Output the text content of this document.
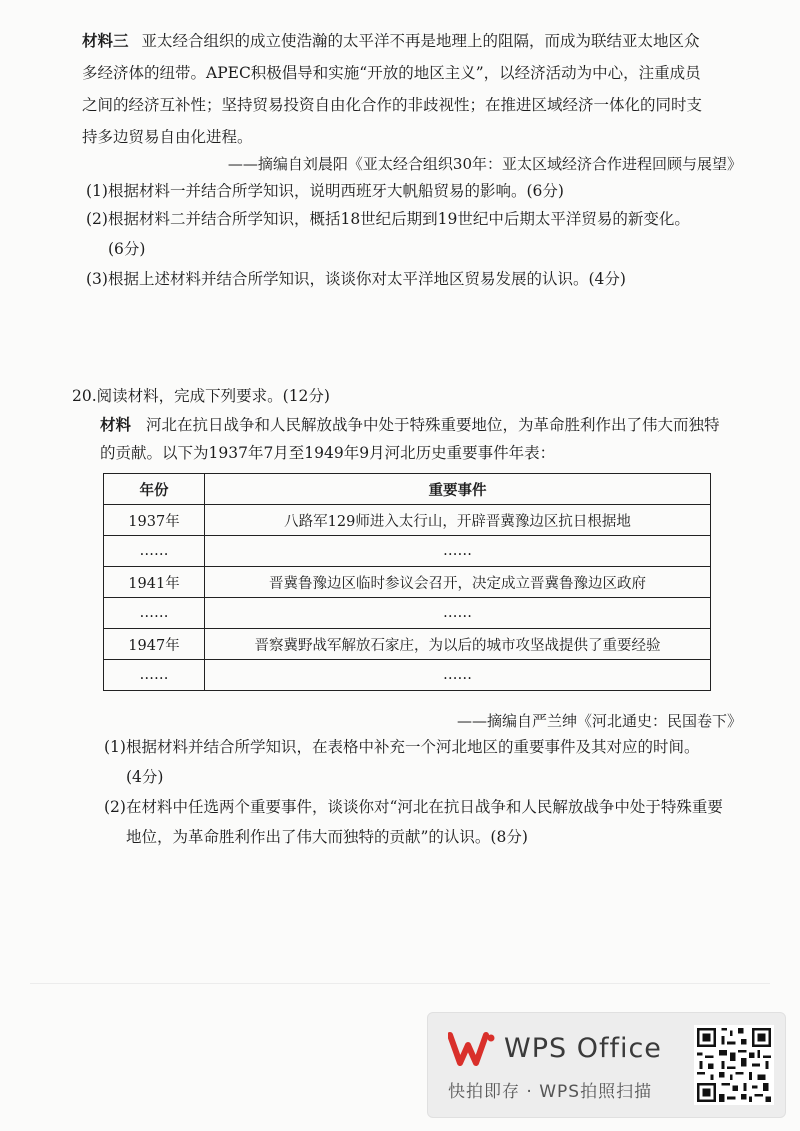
材料三 亚太经合组织的成立使浩瀚的太平洋不再是地理上的阻隔，而成为联结亚太地区众
多经济体的纽带。APEC积极倡导和实施“开放的地区主义”，以经济活动为中心，注重成员
之间的经济互补性；坚持贸易投资自由化合作的非歧视性；在推进区域经济一体化的同时支
持多边贸易自由化进程。
——摘编自刘晨阳《亚太经合组织30年：亚太区域经济合作进程回顾与展望》
(1)根据材料一并结合所学知识，说明西班牙大帆船贸易的影响。(6分)
(2)根据材料二并结合所学知识，概括18世纪后期到19世纪中后期太平洋贸易的新变化。
(6分)
(3)根据上述材料并结合所学知识，谈谈你对太平洋地区贸易发展的认识。(4分)
20.阅读材料，完成下列要求。(12分)
材料 河北在抗日战争和人民解放战争中处于特殊重要地位，为革命胜利作出了伟大而独特
的贡献。以下为1937年7月至1949年9月河北历史重要事件年表：
年份	重要事件
1937年	八路军129师进入太行山，开辟晋冀豫边区抗日根据地
……	……
1941年	晋冀鲁豫边区临时参议会召开，决定成立晋冀鲁豫边区政府
……	……
1947年	晋察冀野战军解放石家庄，为以后的城市攻坚战提供了重要经验
……	……
——摘编自严兰绅《河北通史：民国卷下》
(1)根据材料并结合所学知识，在表格中补充一个河北地区的重要事件及其对应的时间。
(4分)
(2)在材料中任选两个重要事件，谈谈你对“河北在抗日战争和人民解放战争中处于特殊重要
地位，为革命胜利作出了伟大而独特的贡献”的认识。(8分)
WPS Office
快拍即存 · WPS拍照扫描
